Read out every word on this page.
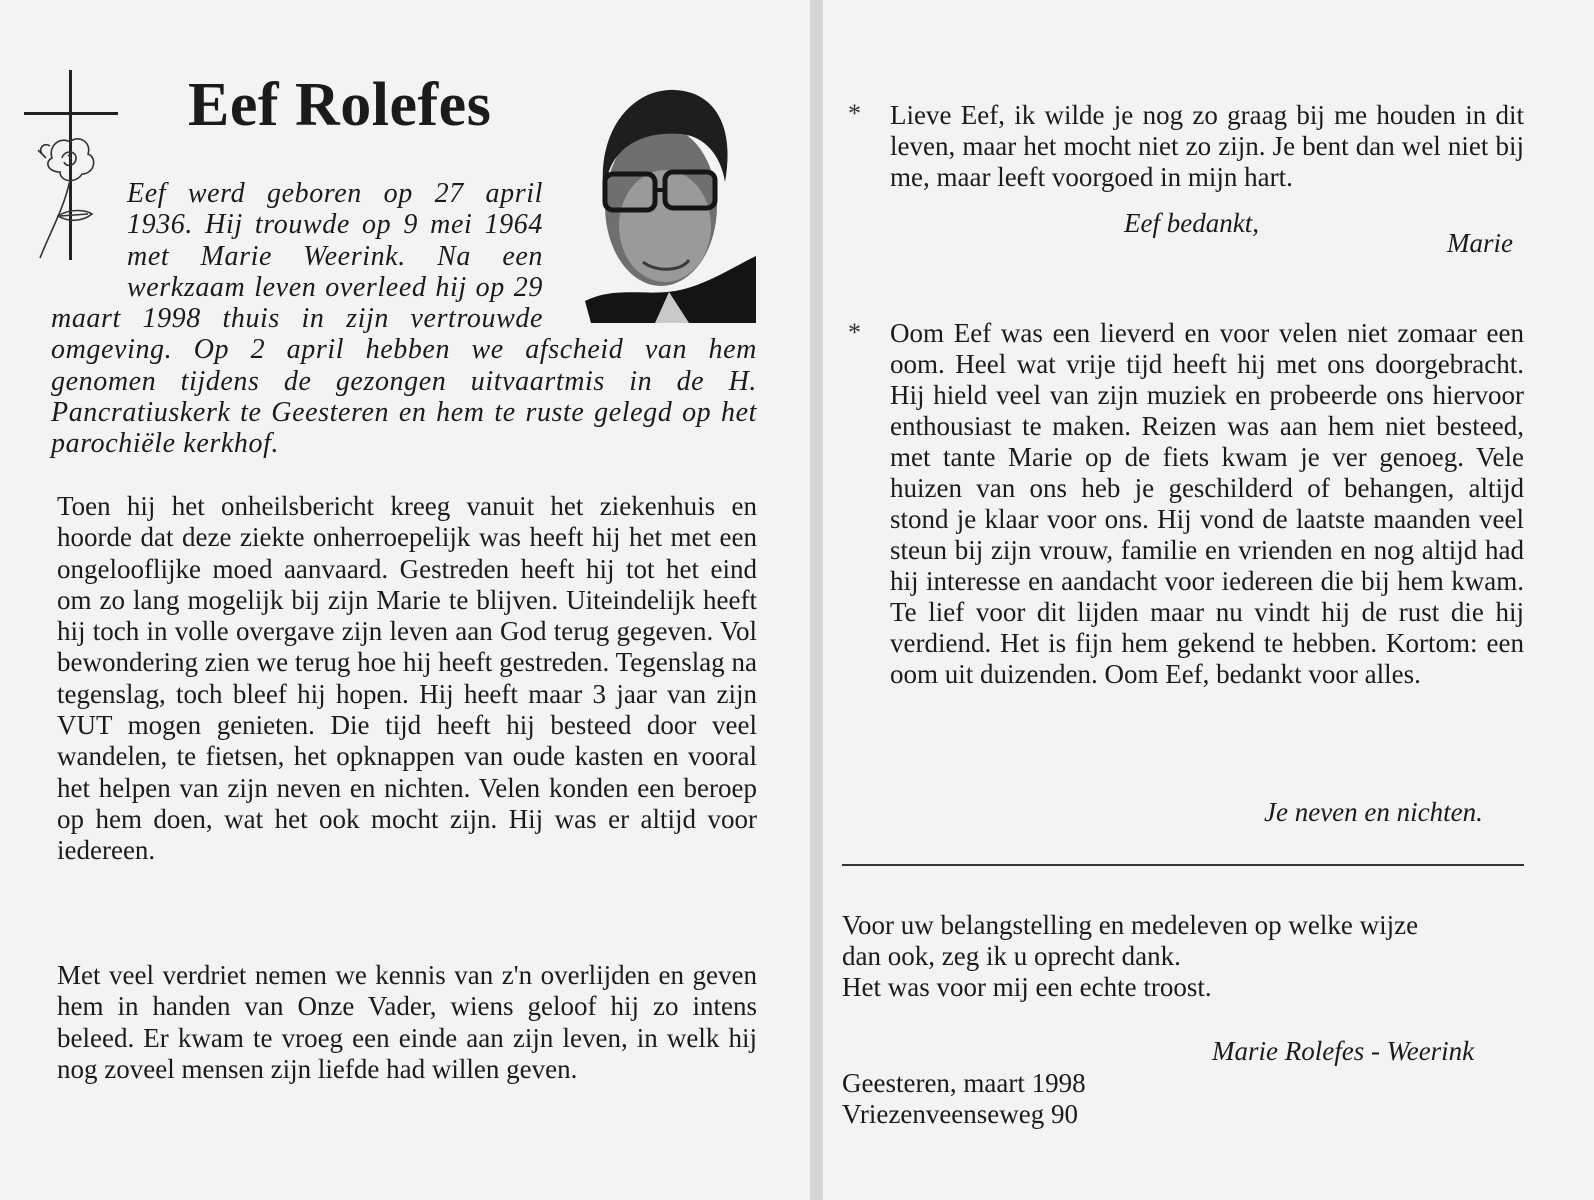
Eef Rolefes

Eef werd geboren op 27 april 1936. Hij trouwde op 9 mei 1964 met Marie Weerink. Na een werkzaam leven overleed hij op 29 maart 1998 thuis in zijn vertrouwde omgeving. Op 2 april hebben we afscheid van hem genomen tijdens de gezongen uitvaartmis in de H. Pancratiuskerk te Geesteren en hem te ruste gelegd op het parochiële kerkhof.

Toen hij het onheilsbericht kreeg vanuit het ziekenhuis en hoorde dat deze ziekte onherroepelijk was heeft hij het met een ongelooflijke moed aanvaard. Gestreden heeft hij tot het eind om zo lang mogelijk bij zijn Marie te blijven. Uiteindelijk heeft hij toch in volle overgave zijn leven aan God terug gegeven. Vol bewondering zien we terug hoe hij heeft gestreden. Tegenslag na tegenslag, toch bleef hij hopen. Hij heeft maar 3 jaar van zijn VUT mogen genieten. Die tijd heeft hij besteed door veel wandelen, te fietsen, het opknappen van oude kasten en vooral het helpen van zijn neven en nichten. Velen konden een beroep op hem doen, wat het ook mocht zijn. Hij was er altijd voor iedereen.

Met veel verdriet nemen we kennis van z'n overlijden en geven hem in handen van Onze Vader, wiens geloof hij zo intens beleed. Er kwam te vroeg een einde aan zijn leven, in welk hij nog zoveel mensen zijn liefde had willen geven.

* Lieve Eef, ik wilde je nog zo graag bij me houden in dit leven, maar het mocht niet zo zijn. Je bent dan wel niet bij me, maar leeft voorgoed in mijn hart.

Eef bedankt,

Marie

* Oom Eef was een lieverd en voor velen niet zomaar een oom. Heel wat vrije tijd heeft hij met ons doorgebracht. Hij hield veel van zijn muziek en probeerde ons hiervoor enthousiast te maken. Reizen was aan hem niet besteed, met tante Marie op de fiets kwam je ver genoeg. Vele huizen van ons heb je geschilderd of behangen, altijd stond je klaar voor ons. Hij vond de laatste maanden veel steun bij zijn vrouw, familie en vrienden en nog altijd had hij interesse en aandacht voor iedereen die bij hem kwam. Te lief voor dit lijden maar nu vindt hij de rust die hij verdiend. Het is fijn hem gekend te hebben. Kortom: een oom uit duizenden. Oom Eef, bedankt voor alles.

Je neven en nichten.

Voor uw belangstelling en medeleven op welke wijze
dan ook, zeg ik u oprecht dank.
Het was voor mij een echte troost.

Marie Rolefes - Weerink

Geesteren, maart 1998
Vriezenveenseweg 90
